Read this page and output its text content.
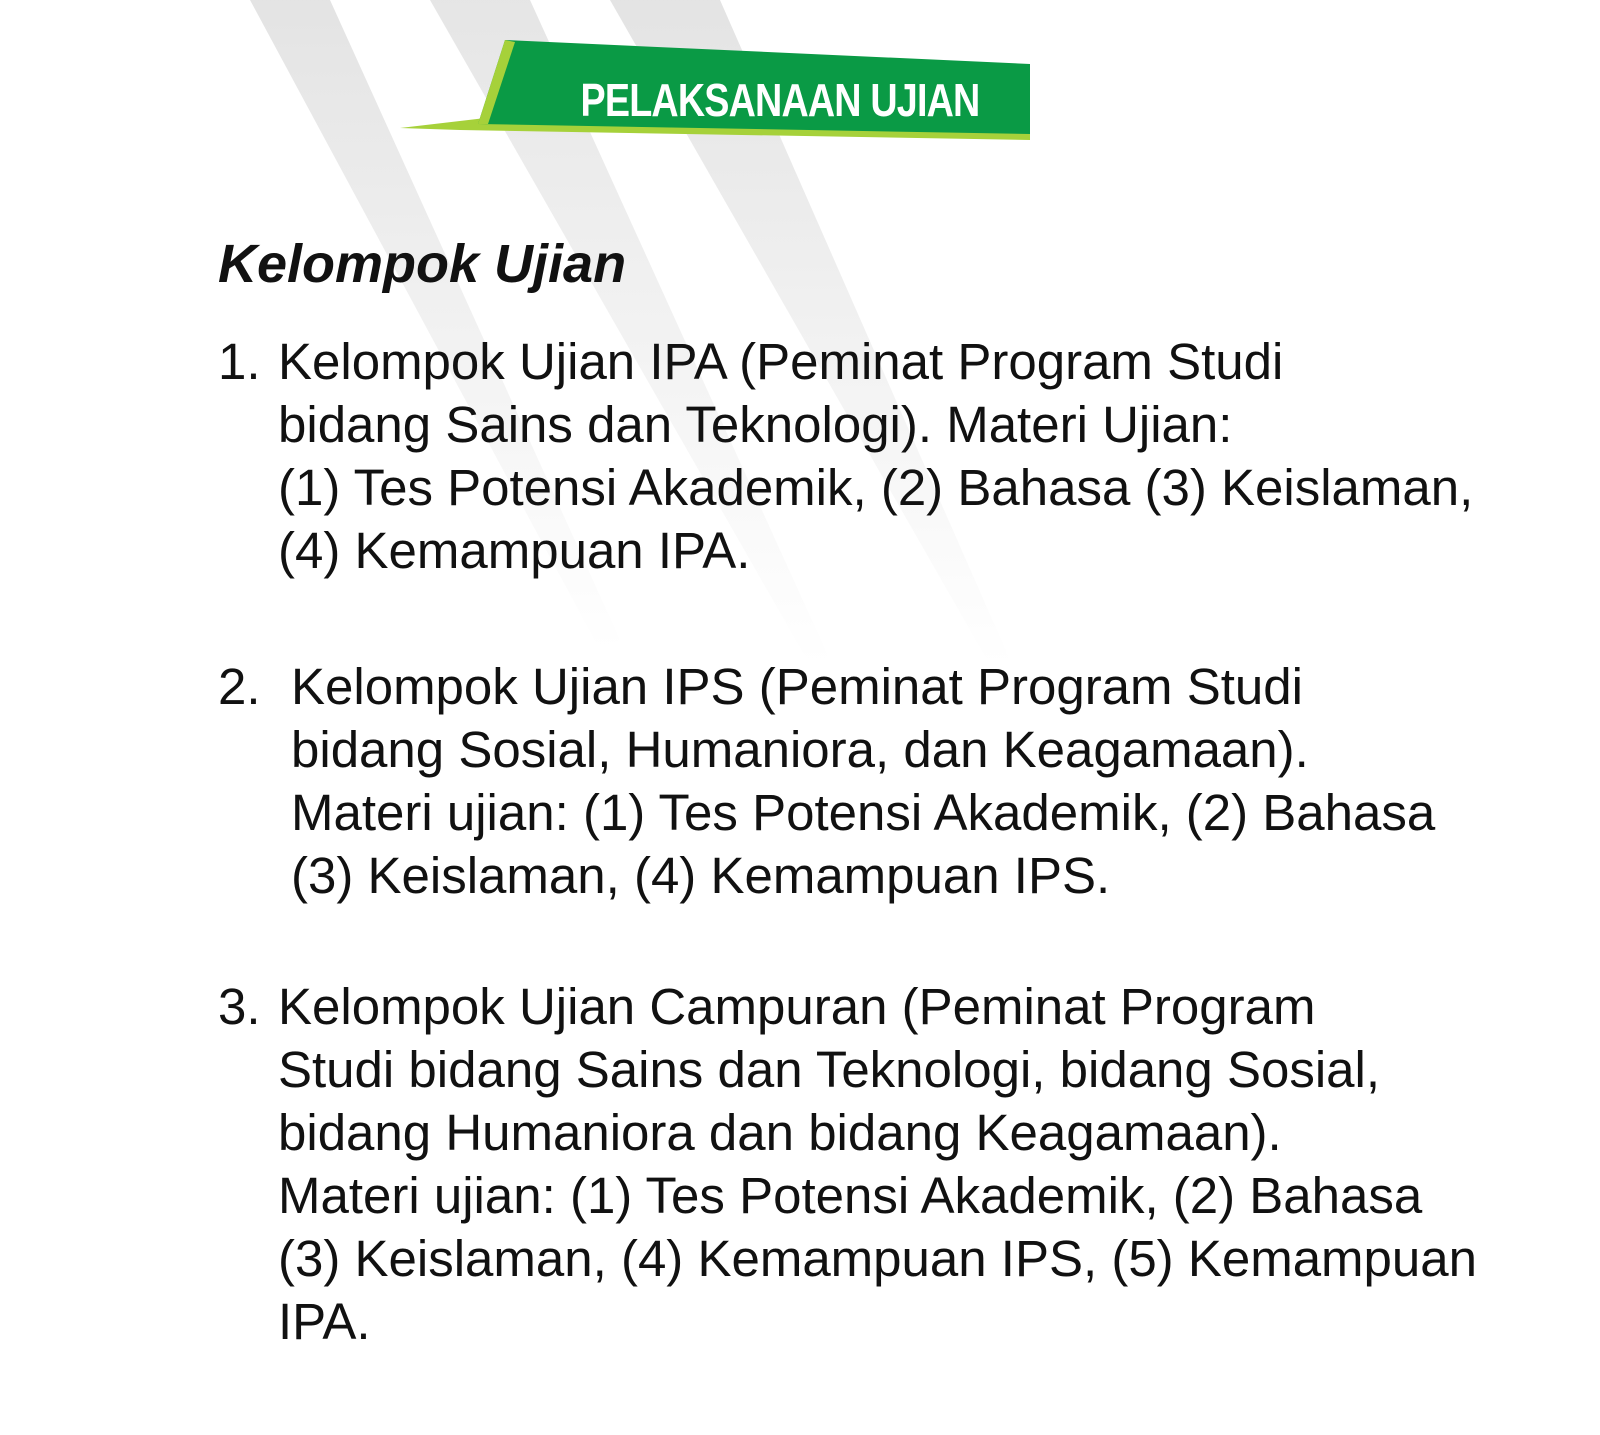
PELAKSANAAN UJIAN
Kelompok Ujian
1. Kelompok Ujian IPA (Peminat Program Studi
bidang Sains dan Teknologi). Materi Ujian:
(1) Tes Potensi Akademik, (2) Bahasa (3) Keislaman,
(4) Kemampuan IPA.
2. Kelompok Ujian IPS (Peminat Program Studi
bidang Sosial, Humaniora, dan Keagamaan).
Materi ujian: (1) Tes Potensi Akademik, (2) Bahasa
(3) Keislaman, (4) Kemampuan IPS.
3. Kelompok Ujian Campuran (Peminat Program
Studi bidang Sains dan Teknologi, bidang Sosial,
bidang Humaniora dan bidang Keagamaan).
Materi ujian: (1) Tes Potensi Akademik, (2) Bahasa
(3) Keislaman, (4) Kemampuan IPS, (5) Kemampuan
IPA.
